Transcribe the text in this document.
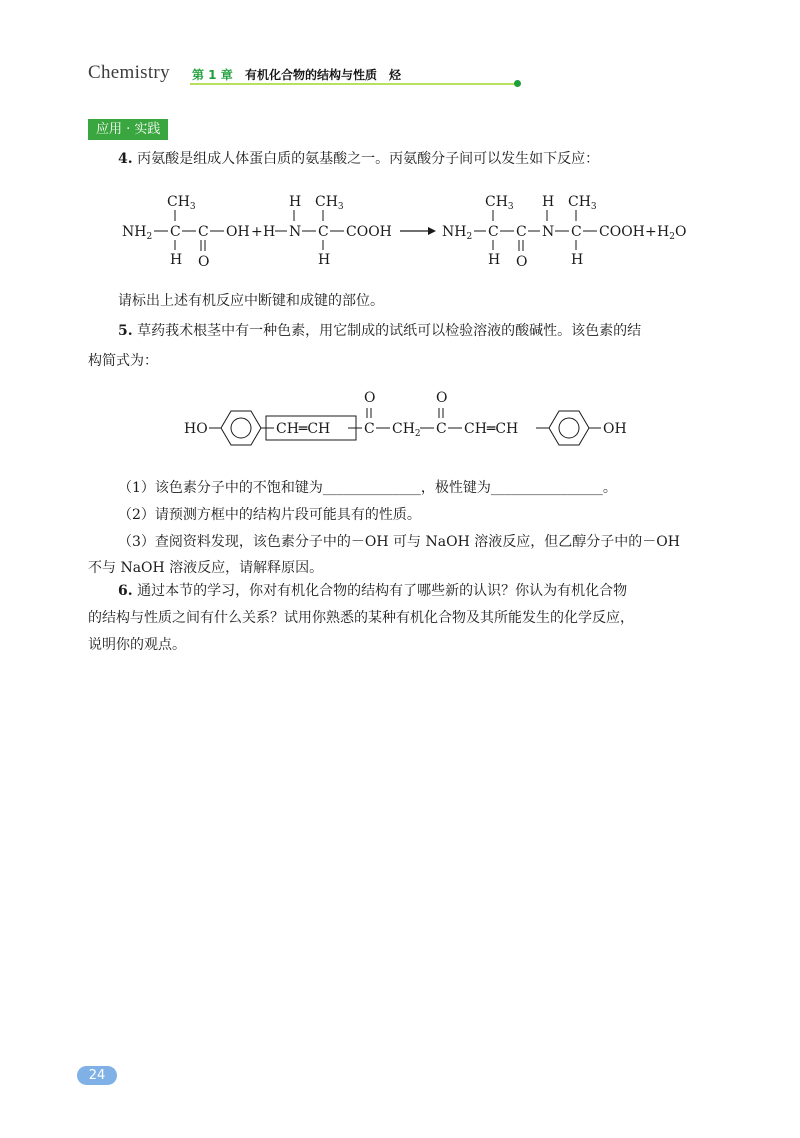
Chemistry 第 1 章 有机化合物的结构与性质　烃
应用 · 实践
4. 丙氨酸是组成人体蛋白质的氨基酸之一。丙氨酸分子间可以发生如下反应：
$NH_2$ C
$CH_3$
H
C
O
OH + H N
H
C
$CH_3$
H
COOH	$NH_2$ C
$CH_3$
H
C
O
N
H
C
$CH_3$
H
COOH + $H_2O$
请标出上述有机反应中断键和成键的部位。
5. 草药莪术根茎中有一种色素，用它制成的试纸可以检验溶液的酸碱性。该色素的结
构简式为：
HO	CH═CH C
O
$CH_2$ C
O
CH═CH	OH
（1）该色素分子中的不饱和键为______________，极性键为________________。
（2）请预测方框中的结构片段可能具有的性质。
（3）查阅资料发现，该色素分子中的－OH 可与 NaOH 溶液反应，但乙醇分子中的－OH
不与 NaOH 溶液反应，请解释原因。
6. 通过本节的学习，你对有机化合物的结构有了哪些新的认识？你认为有机化合物
的结构与性质之间有什么关系？试用你熟悉的某种有机化合物及其所能发生的化学反应，
说明你的观点。
24
